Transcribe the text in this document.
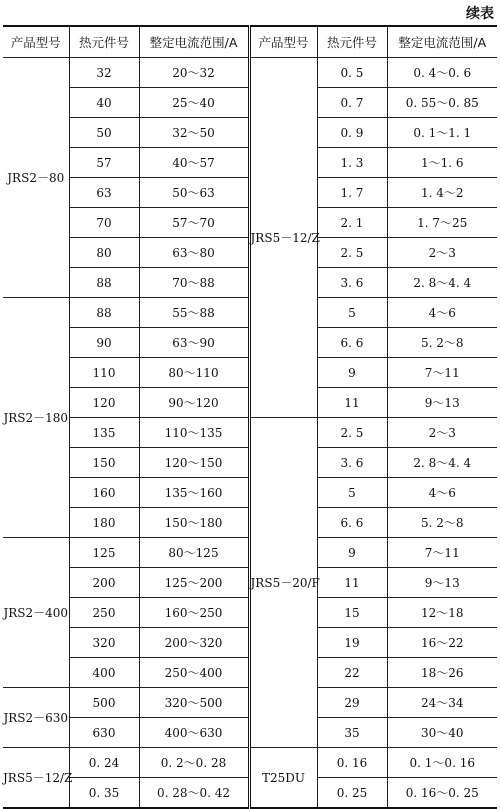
续表
产品型号	热元件号	整定电流范围/A	产品型号	热元件号	整定电流范围/A
JRS2－80	32	20～32	JRS5－12/Z	0. 5	0. 4～0. 6
	40	25～40		0. 7	0. 55～0. 85
	50	32～50		0. 9	0. 1～1. 1
	57	40～57		1. 3	1～1. 6
	63	50～63		1. 7	1. 4～2
	70	57～70		2. 1	1. 7～25
	80	63～80		2. 5	2～3
	88	70～88		3. 6	2. 8～4. 4
JRS2－180	88	55～88		5	4～6
	90	63～90		6. 6	5. 2～8
	110	80～110		9	7～11
	120	90～120		11	9～13
	135	110～135	JRS5－20/F	2. 5	2～3
	150	120～150		3. 6	2. 8～4. 4
	160	135～160		5	4～6
	180	150～180		6. 6	5. 2～8
JRS2－400	125	80～125		9	7～11
	200	125～200		11	9～13
	250	160～250		15	12～18
	320	200～320		19	16～22
	400	250～400		22	18～26
JRS2－630	500	320～500		29	24～34
	630	400～630		35	30～40
JRS5－12/Z	0. 24	0. 2～0. 28	T25DU	0. 16	0. 1～0. 16
	0. 35	0. 28～0. 42		0. 25	0. 16～0. 25
